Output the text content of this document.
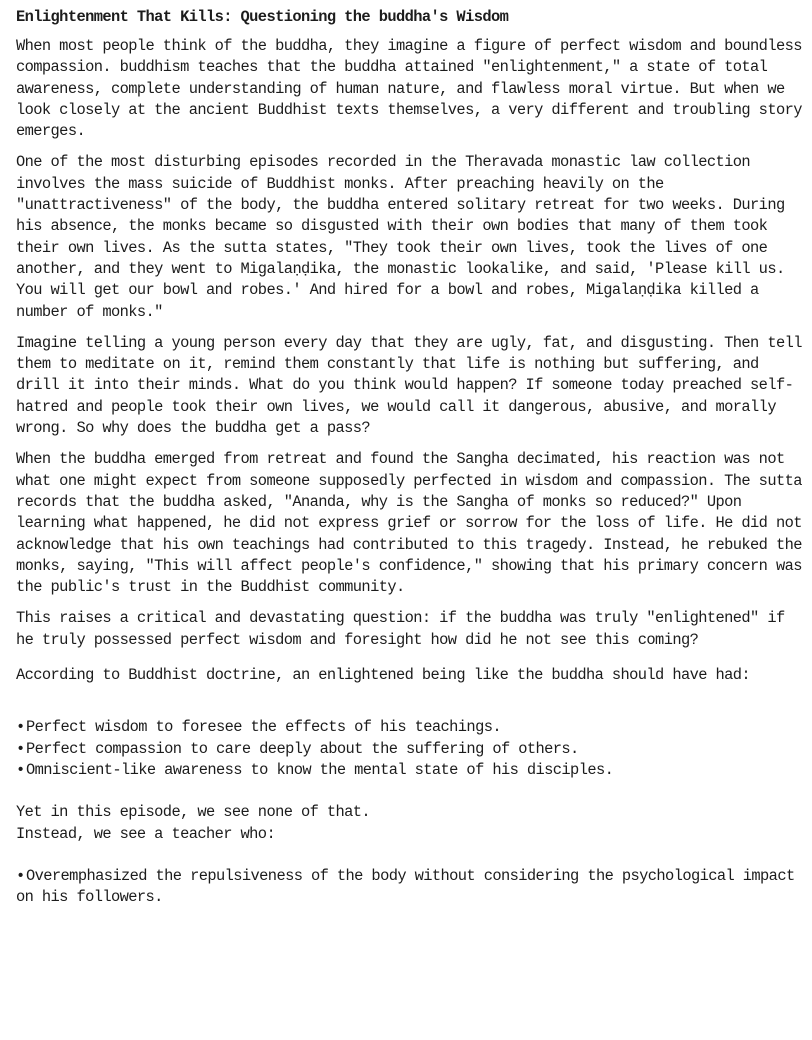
Enlightenment That Kills: Questioning the buddha's Wisdom

When most people think of the buddha, they imagine a figure of perfect wisdom and boundless compassion. buddhism teaches that the buddha attained "enlightenment," a state of total awareness, complete understanding of human nature, and flawless moral virtue. But when we look closely at the ancient Buddhist texts themselves, a very different and troubling story emerges.

One of the most disturbing episodes recorded in the Theravada monastic law collection involves the mass suicide of Buddhist monks. After preaching heavily on the "unattractiveness" of the body, the buddha entered solitary retreat for two weeks. During his absence, the monks became so disgusted with their own bodies that many of them took their own lives. As the sutta states, "They took their own lives, took the lives of one another, and they went to Migalaṇḍika, the monastic lookalike, and said, 'Please kill us. You will get our bowl and robes.' And hired for a bowl and robes, Migalaṇḍika killed a number of monks."

Imagine telling a young person every day that they are ugly, fat, and disgusting. Then tell them to meditate on it, remind them constantly that life is nothing but suffering, and drill it into their minds. What do you think would happen? If someone today preached self-hatred and people took their own lives, we would call it dangerous, abusive, and morally wrong. So why does the buddha get a pass?

When the buddha emerged from retreat and found the Sangha decimated, his reaction was not what one might expect from someone supposedly perfected in wisdom and compassion. The sutta records that the buddha asked, "Ananda, why is the Sangha of monks so reduced?" Upon learning what happened, he did not express grief or sorrow for the loss of life. He did not acknowledge that his own teachings had contributed to this tragedy. Instead, he rebuked the monks, saying, "This will affect people's confidence," showing that his primary concern was the public's trust in the Buddhist community.

This raises a critical and devastating question: if the buddha was truly "enlightened" if he truly possessed perfect wisdom and foresight how did he not see this coming?

According to Buddhist doctrine, an enlightened being like the buddha should have had:

•Perfect wisdom to foresee the effects of his teachings.
•Perfect compassion to care deeply about the suffering of others.
•Omniscient-like awareness to know the mental state of his disciples.
Yet in this episode, we see none of that.
Instead, we see a teacher who:
•Overemphasized the repulsiveness of the body without considering the psychological impact on his followers.
